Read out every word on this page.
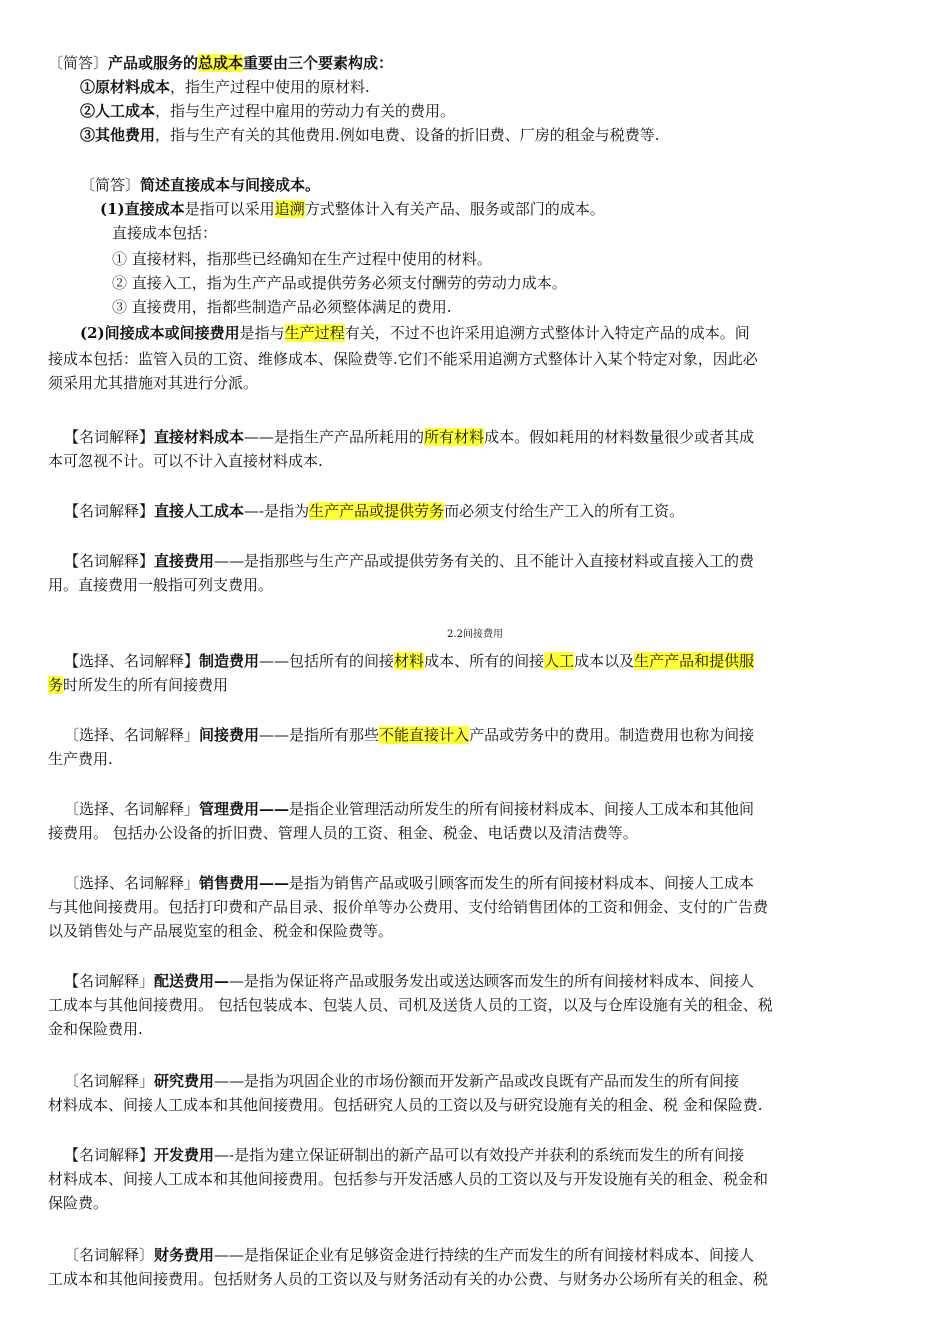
〔简答〕产品或服务的总成本重要由三个要素构成：
①原材料成本，指生产过程中使用的原材料.
②人工成本，指与生产过程中雇用的劳动力有关的费用。
③其他费用，指与生产有关的其他费用.例如电费、设备的折旧费、厂房的租金与税费等.
〔简答〕简述直接成本与间接成本。
(1)直接成本是指可以采用追溯方式整体计入有关产品、服务或部门的成本。
直接成本包括：
① 直接材料，指那些已经确知在生产过程中使用的材料。
② 直接入工，指为生产产品或提供劳务必须支付酬劳的劳动力成本。
③ 直接费用，指都些制造产品必须整体满足的费用.
(2)间接成本或间接费用是指与生产过程有关，不过不也许采用追溯方式整体计入特定产品的成本。间
接成本包括：监管入员的工资、维修成本、保险费等.它们不能采用追溯方式整体计入某个特定对象，因此必
须采用尤其措施对其进行分派。
【名词解释】直接材料成本——是指生产产品所耗用的所有材料成本。假如耗用的材料数量很少或者其成
本可忽视不计。可以不计入直接材料成本.
【名词解释】直接人工成本—-是指为生产产品或提供劳务而必须支付给生产工入的所有工资。
【名词解释】直接费用——是指那些与生产产品或提供劳务有关的、且不能计入直接材料或直接入工的费
用。直接费用一般指可列支费用。
2.2间接费用
【选择、名词解释】制造费用——包括所有的间接材料成本、所有的间接人工成本以及生产产品和提供服
务时所发生的所有间接费用
〔选择、名词解释」间接费用——是指所有那些不能直接计入产品或劳务中的费用。制造费用也称为间接
生产费用.
〔选择、名词解释」管理费用——是指企业管理活动所发生的所有间接材料成本、间接人工成本和其他间
接费用。 包括办公设备的折旧费、管理人员的工资、租金、税金、电话费以及清洁费等。
〔选择、名词解释」销售费用——是指为销售产品或吸引顾客而发生的所有间接材料成本、间接人工成本
与其他间接费用。包括打印费和产品目录、报价单等办公费用、支付给销售团体的工资和佣金、支付的广告费
以及销售处与产品展览室的租金、税金和保险费等。
【名词解释」配送费用——是指为保证将产品或服务发出或送达顾客而发生的所有间接材料成本、间接人
工成本与其他间接费用。 包括包装成本、包装人员、司机及送货人员的工资，以及与仓库设施有关的租金、税
金和保险费用.
〔名词解释」研究费用——是指为巩固企业的市场份额而开发新产品或改良既有产品而发生的所有间接
材料成本、间接人工成本和其他间接费用。包括研究人员的工资以及与研究设施有关的租金、税 金和保险费.
【名词解释】开发费用—-是指为建立保证研制出的新产品可以有效投产并获利的系统而发生的所有间接
材料成本、间接人工成本和其他间接费用。包括参与开发活感人员的工资以及与开发设施有关的租金、税金和
保险费。
〔名词解释〕财务费用——是指保证企业有足够资金进行持续的生产而发生的所有间接材料成本、间接人
工成本和其他间接费用。包括财务人员的工资以及与财务活动有关的办公费、与财务办公场所有关的租金、税
